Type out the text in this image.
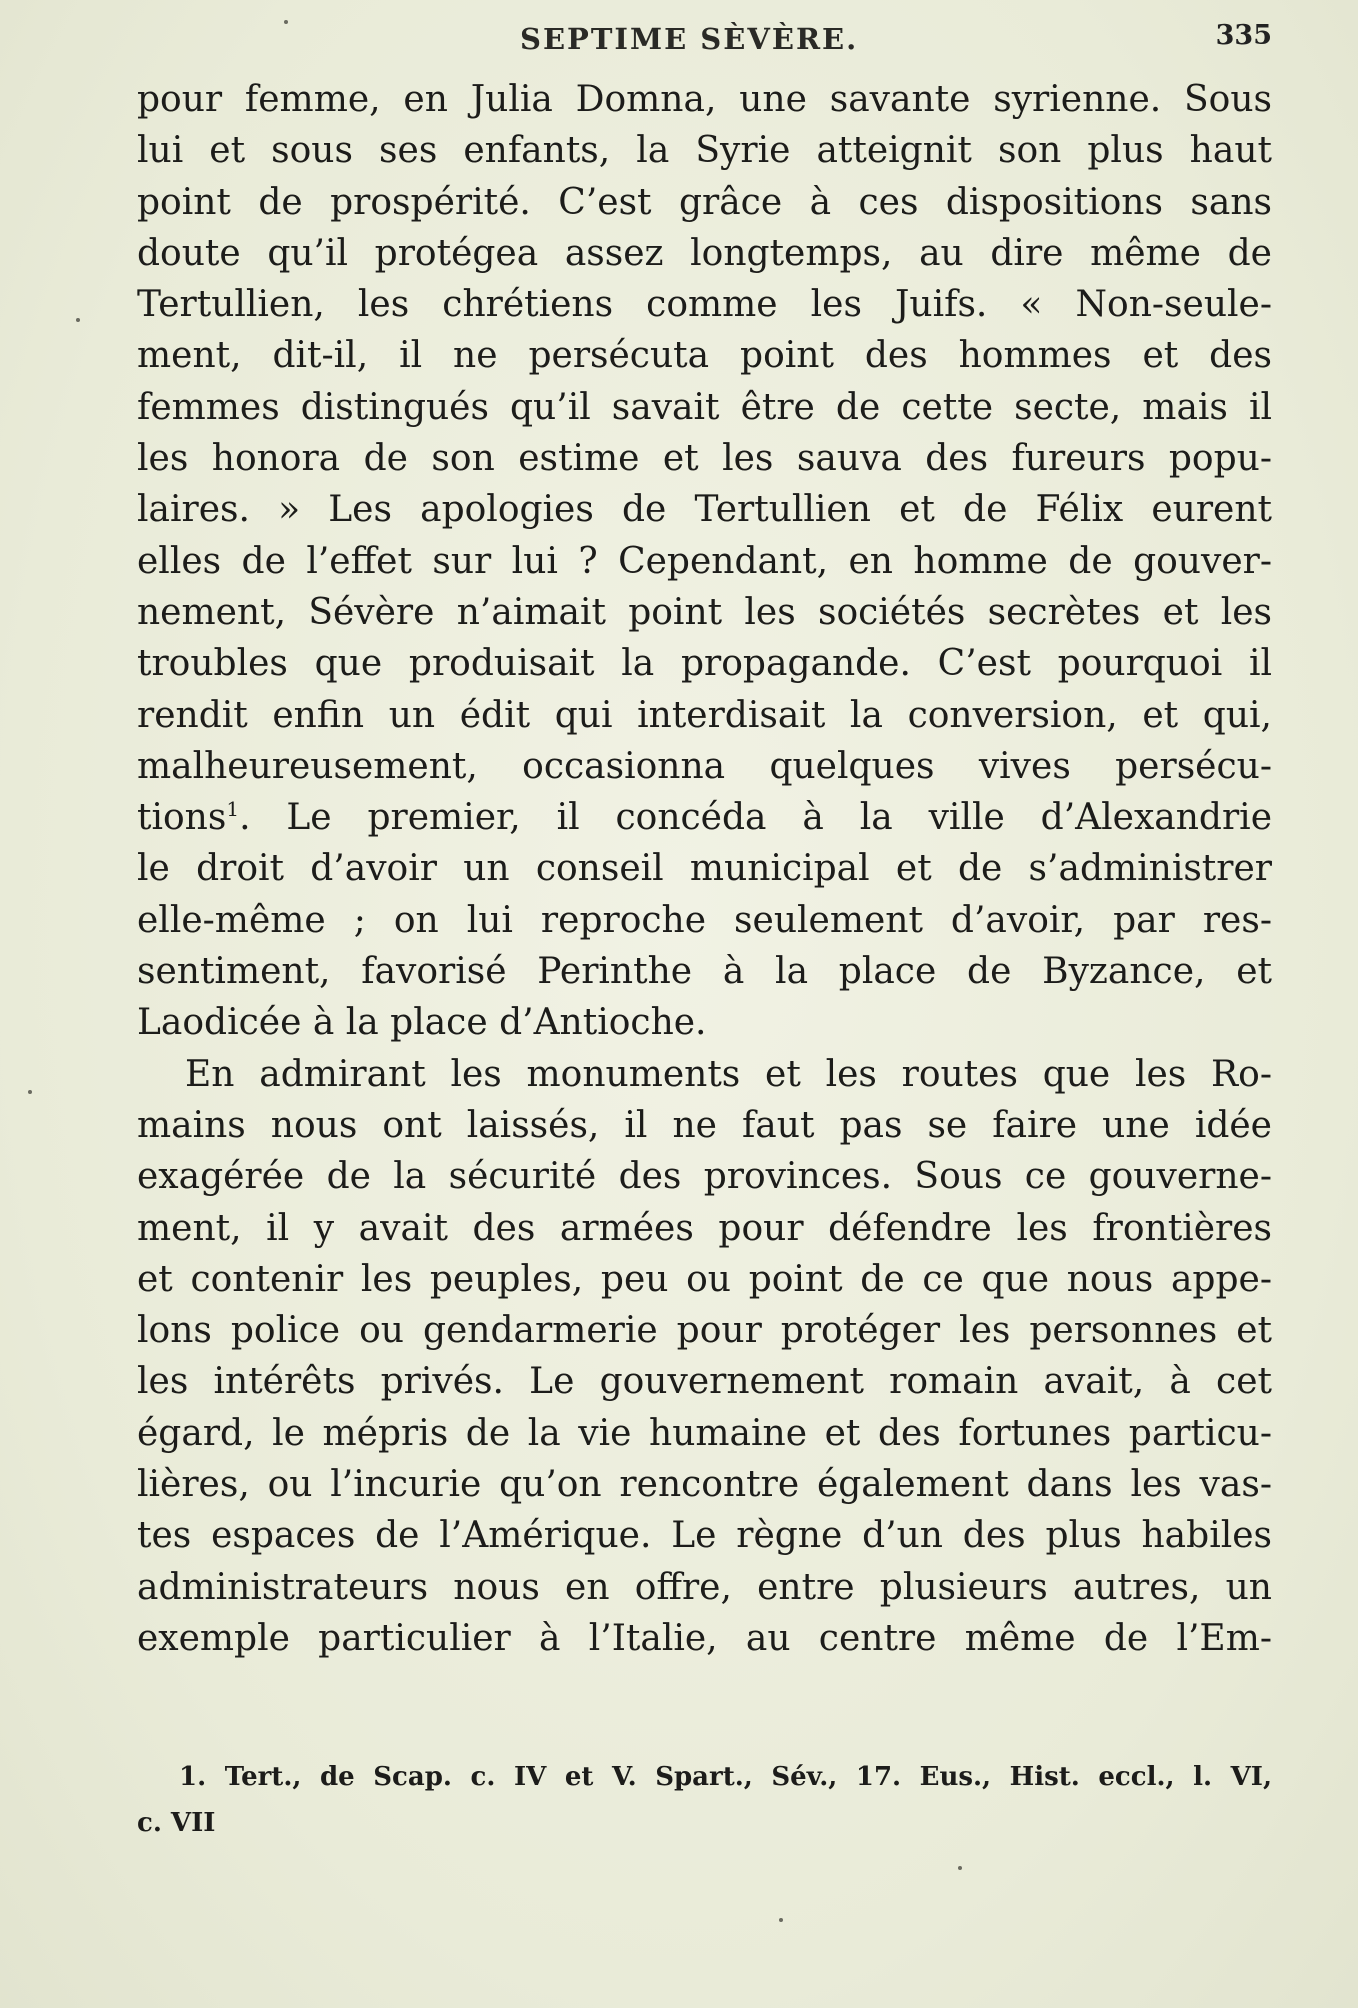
SEPTIME SÈVÈRE.	335
pour femme, en Julia Domna, une savante syrienne. Sous
lui et sous ses enfants, la Syrie atteignit son plus haut
point de prospérité. C’est grâce à ces dispositions sans
doute qu’il protégea assez longtemps, au dire même de
Tertullien, les chrétiens comme les Juifs. « Non-seule-
ment, dit-il, il ne persécuta point des hommes et des
femmes distingués qu’il savait être de cette secte, mais il
les honora de son estime et les sauva des fureurs popu-
laires. » Les apologies de Tertullien et de Félix eurent
elles de l’effet sur lui ? Cependant, en homme de gouver-
nement, Sévère n’aimait point les sociétés secrètes et les
troubles que produisait la propagande. C’est pourquoi il
rendit enfin un édit qui interdisait la conversion, et qui,
malheureusement, occasionna quelques vives persécu-
tions$^1$. Le premier, il concéda à la ville d’Alexandrie
le droit d’avoir un conseil municipal et de s’administrer
elle-même ; on lui reproche seulement d’avoir, par res-
sentiment, favorisé Perinthe à la place de Byzance, et
Laodicée à la place d’Antioche.
En admirant les monuments et les routes que les Ro-
mains nous ont laissés, il ne faut pas se faire une idée
exagérée de la sécurité des provinces. Sous ce gouverne-
ment, il y avait des armées pour défendre les frontières
et contenir les peuples, peu ou point de ce que nous appe-
lons police ou gendarmerie pour protéger les personnes et
les intérêts privés. Le gouvernement romain avait, à cet
égard, le mépris de la vie humaine et des fortunes particu-
lières, ou l’incurie qu’on rencontre également dans les vas-
tes espaces de l’Amérique. Le règne d’un des plus habiles
administrateurs nous en offre, entre plusieurs autres, un
exemple particulier à l’Italie, au centre même de l’Em-
1. Tert., de Scap. c. IV et V. Spart., Sév., 17. Eus., Hist. eccl., l. VI,
c. VII
